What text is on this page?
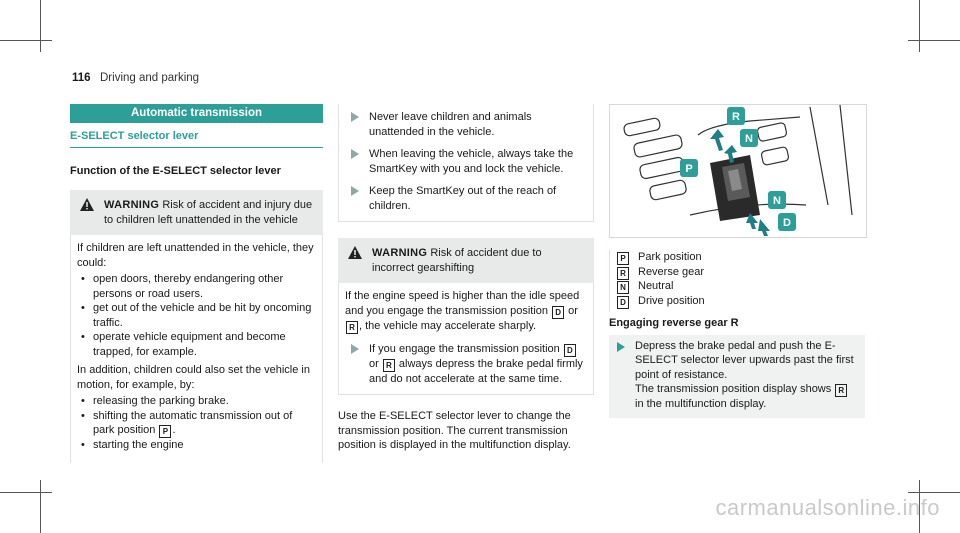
116 Driving and parking
Automatic transmission
E-SELECT selector lever
Function of the E-SELECT selector lever
WARNING Risk of accident and injury due to children left unattended in the vehicle
If children are left unattended in the vehicle, they could:
• open doors, thereby endangering other persons or road users.
• get out of the vehicle and be hit by oncoming traffic.
• operate vehicle equipment and become trapped, for example.
In addition, children could also set the vehicle in motion, for example, by:
• releasing the parking brake.
• shifting the automatic transmission out of park position P .
• starting the engine
Never leave children and animals unattended in the vehicle.
When leaving the vehicle, always take the SmartKey with you and lock the vehicle.
Keep the SmartKey out of the reach of children.
WARNING Risk of accident due to incorrect gearshifting
If the engine speed is higher than the idle speed and you engage the transmission position D or R , the vehicle may accelerate sharply.
If you engage the transmission position D or R always depress the brake pedal firmly and do not accelerate at the same time.
Use the E-SELECT selector lever to change the transmission position. The current transmission position is displayed in the multifunction display.
R
N
P
N
D
P	Park position
R Reverse gear
N Neutral
D Drive position
Engaging reverse gear R
Depress the brake pedal and push the E-SELECT selector lever upwards past the first point of resistance.
The transmission position display shows R in the multifunction display.
carmanualsonline.info
